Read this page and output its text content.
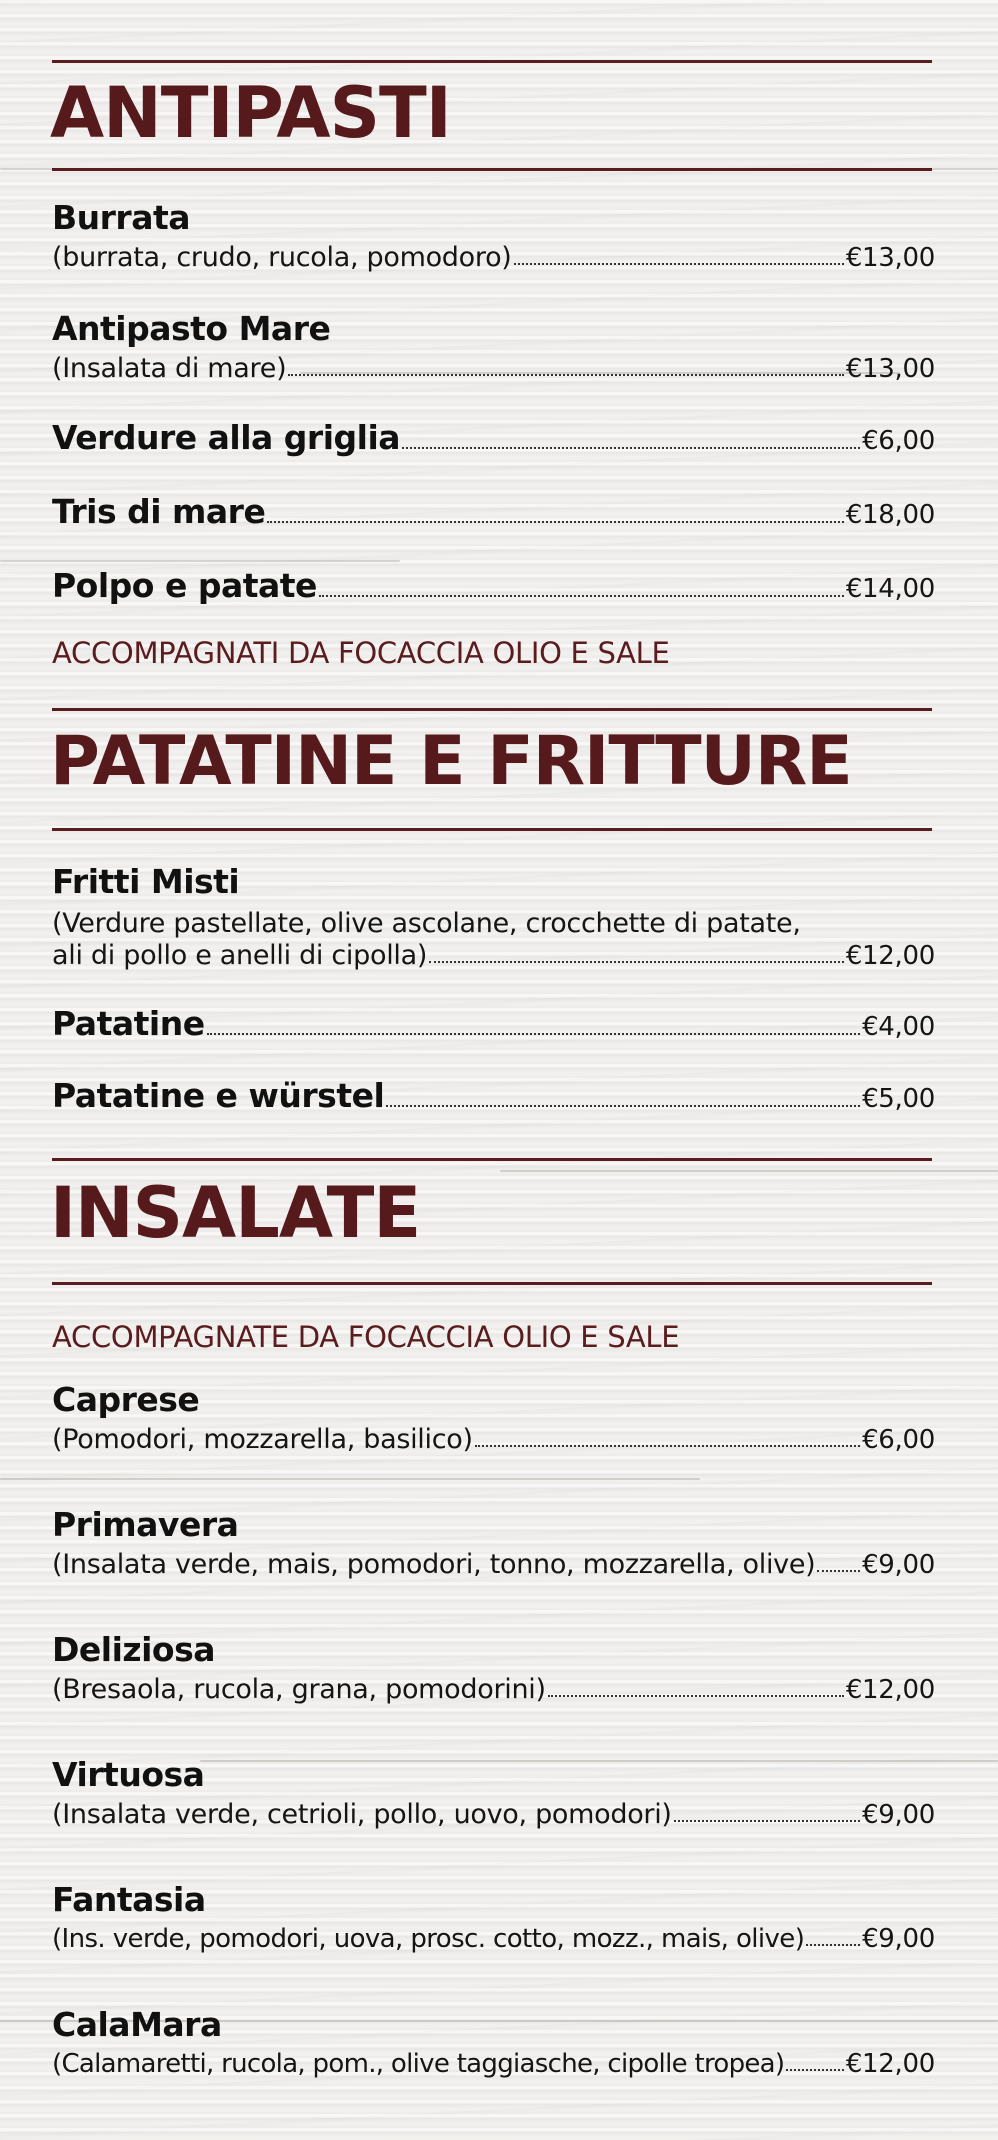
ANTIPASTI
Burrata
(burrata, crudo, rucola, pomodoro)	€13,00
Antipasto Mare
(Insalata di mare)	€13,00
Verdure alla griglia	€6,00
Tris di mare	€18,00
Polpo e patate	€14,00
ACCOMPAGNATI DA FOCACCIA OLIO E SALE
PATATINE E FRITTURE
Fritti Misti
(Verdure pastellate, olive ascolane, crocchette di patate,
ali di pollo e anelli di cipolla)	€12,00
Patatine	€4,00
Patatine e würstel	€5,00
INSALATE
ACCOMPAGNATE DA FOCACCIA OLIO E SALE
Caprese
(Pomodori, mozzarella, basilico)	€6,00
Primavera
(Insalata verde, mais, pomodori, tonno, mozzarella, olive) €9,00
Deliziosa
(Bresaola, rucola, grana, pomodorini)	€12,00
Virtuosa
(Insalata verde, cetrioli, pollo, uovo, pomodori)	€9,00
Fantasia
(Ins. verde, pomodori, uova, prosc. cotto, mozz., mais, olive) €9,00
CalaMara
(Calamaretti, rucola, pom., olive taggiasche, cipolle tropea) €12,00
